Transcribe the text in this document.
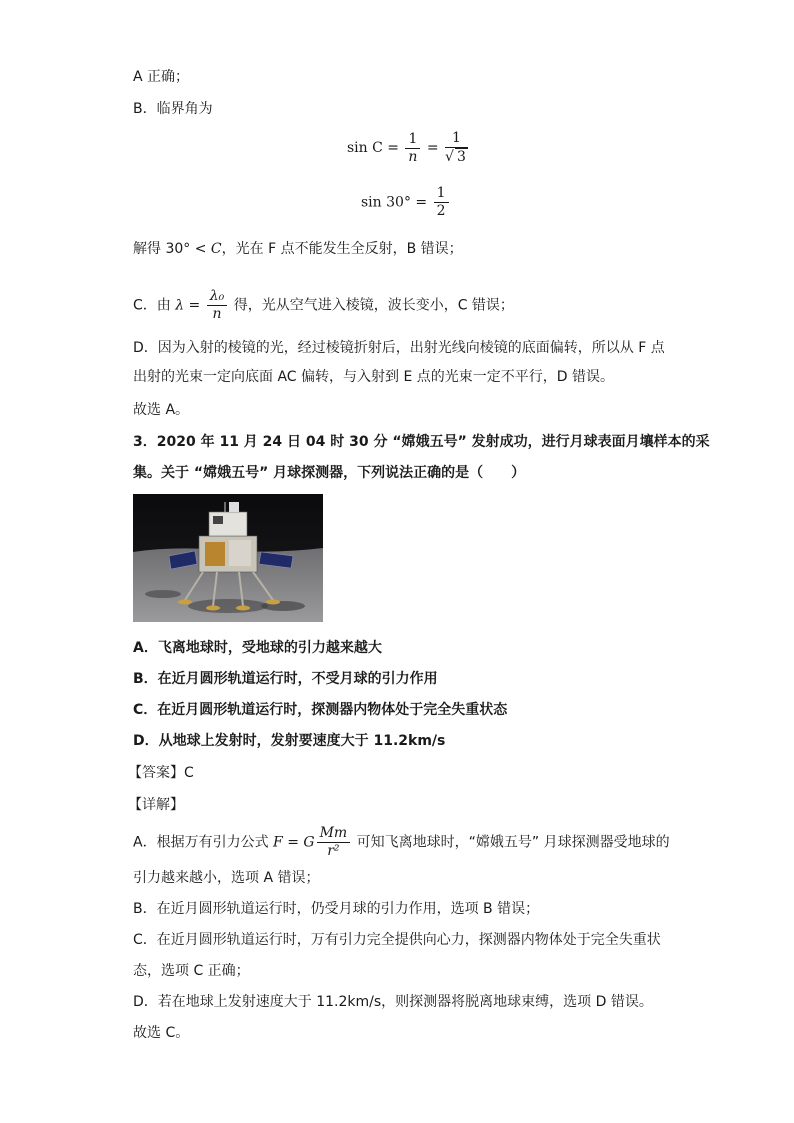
A 正确；
B．临界角为
$\sin C = \frac{1}{n} = \frac{1}{√ 3}$
$\sin 30^\circ = \frac{1}{2}$
解得 30° < C，光在 F 点不能发生全反射，B 错误；
C．由 $\lambda = \frac{\text{λ₀}}{n}$ 得，光从空气进入棱镜，波长变小，C 错误；
D．因为入射的棱镜的光，经过棱镜折射后，出射光线向棱镜的底面偏转，所以从 F 点
出射的光束一定向底面 AC 偏转，与入射到 E 点的光束一定不平行，D 错误。
故选 A。
3．2020 年 11 月 24 日 04 时 30 分 “嫦娥五号” 发射成功，进行月球表面月壤样本的采
集。关于 “嫦娥五号” 月球探测器，下列说法正确的是（　　）
A．飞离地球时，受地球的引力越来越大
B．在近月圆形轨道运行时，不受月球的引力作用
C．在近月圆形轨道运行时，探测器内物体处于完全失重状态
D．从地球上发射时，发射要速度大于 11.2km/s
【答案】C
【详解】
A．根据万有引力公式 F = G $\frac{Mm}{\text{r²}}$ 可知飞离地球时，“嫦娥五号” 月球探测器受地球的
引力越来越小，选项 A 错误；
B．在近月圆形轨道运行时，仍受月球的引力作用，选项 B 错误；
C．在近月圆形轨道运行时，万有引力完全提供向心力，探测器内物体处于完全失重状
态，选项 C 正确；
D．若在地球上发射速度大于 11.2km/s，则探测器将脱离地球束缚，选项 D 错误。
故选 C。
